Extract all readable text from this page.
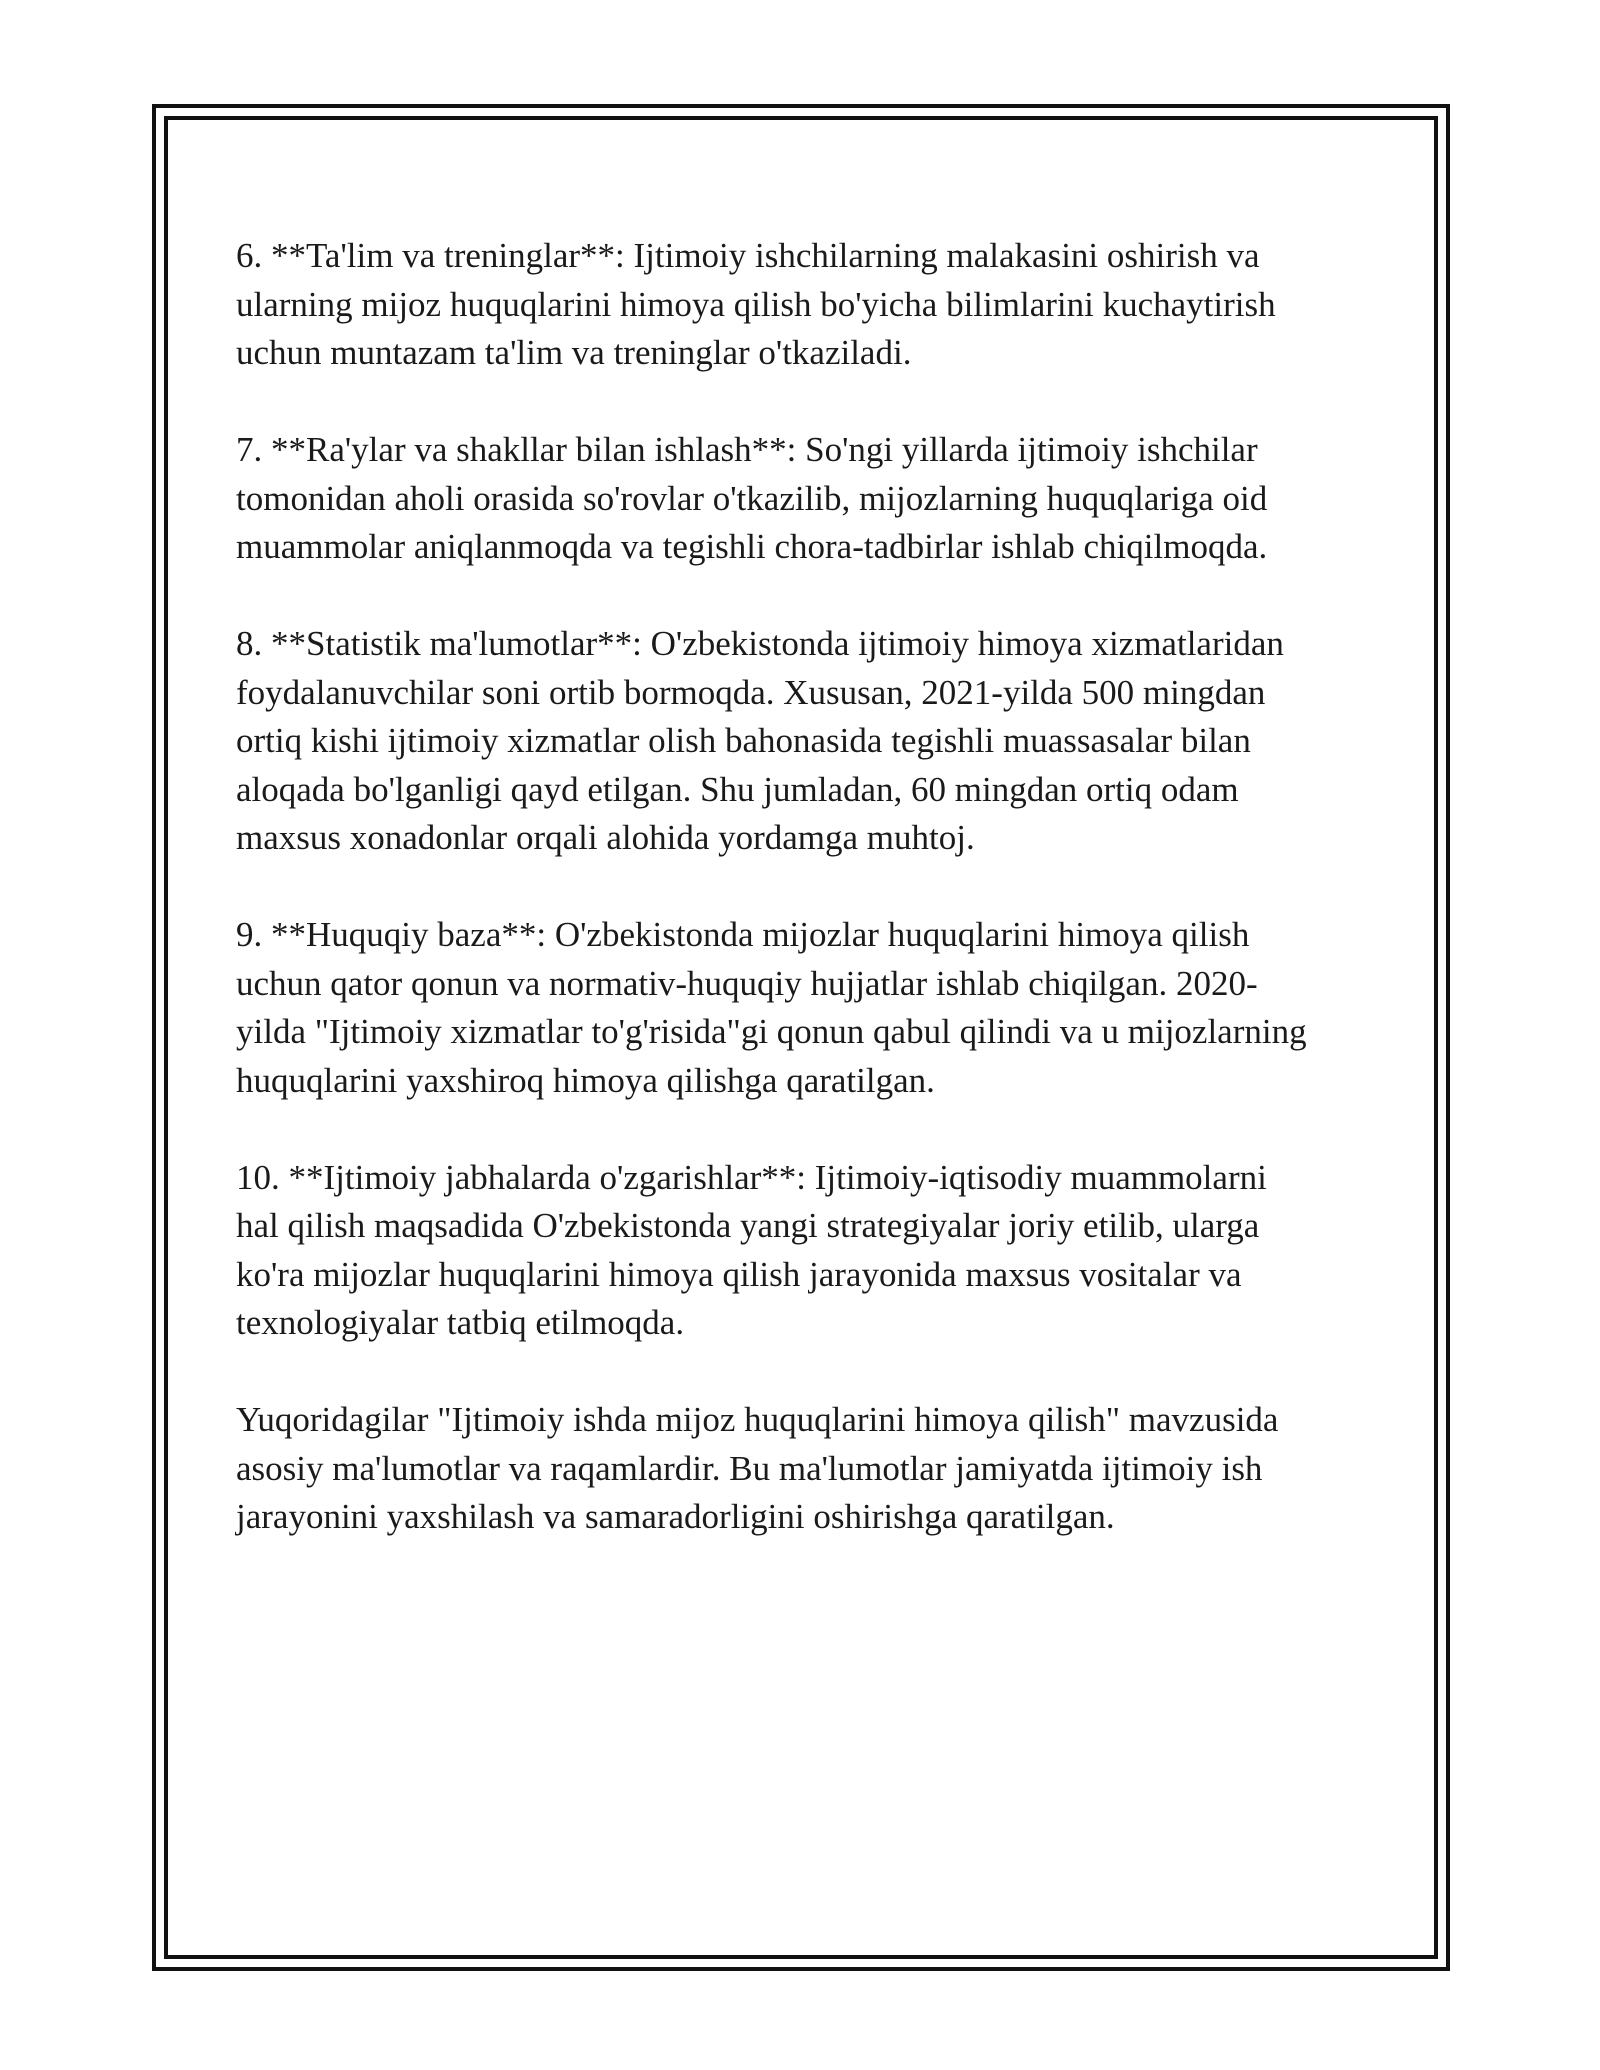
6. **Ta'lim va treninglar**: Ijtimoiy ishchilarning malakasini oshirish va
ularning mijoz huquqlarini himoya qilish bo'yicha bilimlarini kuchaytirish
uchun muntazam ta'lim va treninglar o'tkaziladi.

7. **Ra'ylar va shakllar bilan ishlash**: So'ngi yillarda ijtimoiy ishchilar
tomonidan aholi orasida so'rovlar o'tkazilib, mijozlarning huquqlariga oid
muammolar aniqlanmoqda va tegishli chora-tadbirlar ishlab chiqilmoqda.

8. **Statistik ma'lumotlar**: O'zbekistonda ijtimoiy himoya xizmatlaridan
foydalanuvchilar soni ortib bormoqda. Xususan, 2021-yilda 500 mingdan
ortiq kishi ijtimoiy xizmatlar olish bahonasida tegishli muassasalar bilan
aloqada bo'lganligi qayd etilgan. Shu jumladan, 60 mingdan ortiq odam
maxsus xonadonlar orqali alohida yordamga muhtoj.

9. **Huquqiy baza**: O'zbekistonda mijozlar huquqlarini himoya qilish
uchun qator qonun va normativ-huquqiy hujjatlar ishlab chiqilgan. 2020-
yilda "Ijtimoiy xizmatlar to'g'risida"gi qonun qabul qilindi va u mijozlarning
huquqlarini yaxshiroq himoya qilishga qaratilgan.

10. **Ijtimoiy jabhalarda o'zgarishlar**: Ijtimoiy-iqtisodiy muammolarni
hal qilish maqsadida O'zbekistonda yangi strategiyalar joriy etilib, ularga
ko'ra mijozlar huquqlarini himoya qilish jarayonida maxsus vositalar va
texnologiyalar tatbiq etilmoqda.

Yuqoridagilar "Ijtimoiy ishda mijoz huquqlarini himoya qilish" mavzusida
asosiy ma'lumotlar va raqamlardir. Bu ma'lumotlar jamiyatda ijtimoiy ish
jarayonini yaxshilash va samaradorligini oshirishga qaratilgan.
